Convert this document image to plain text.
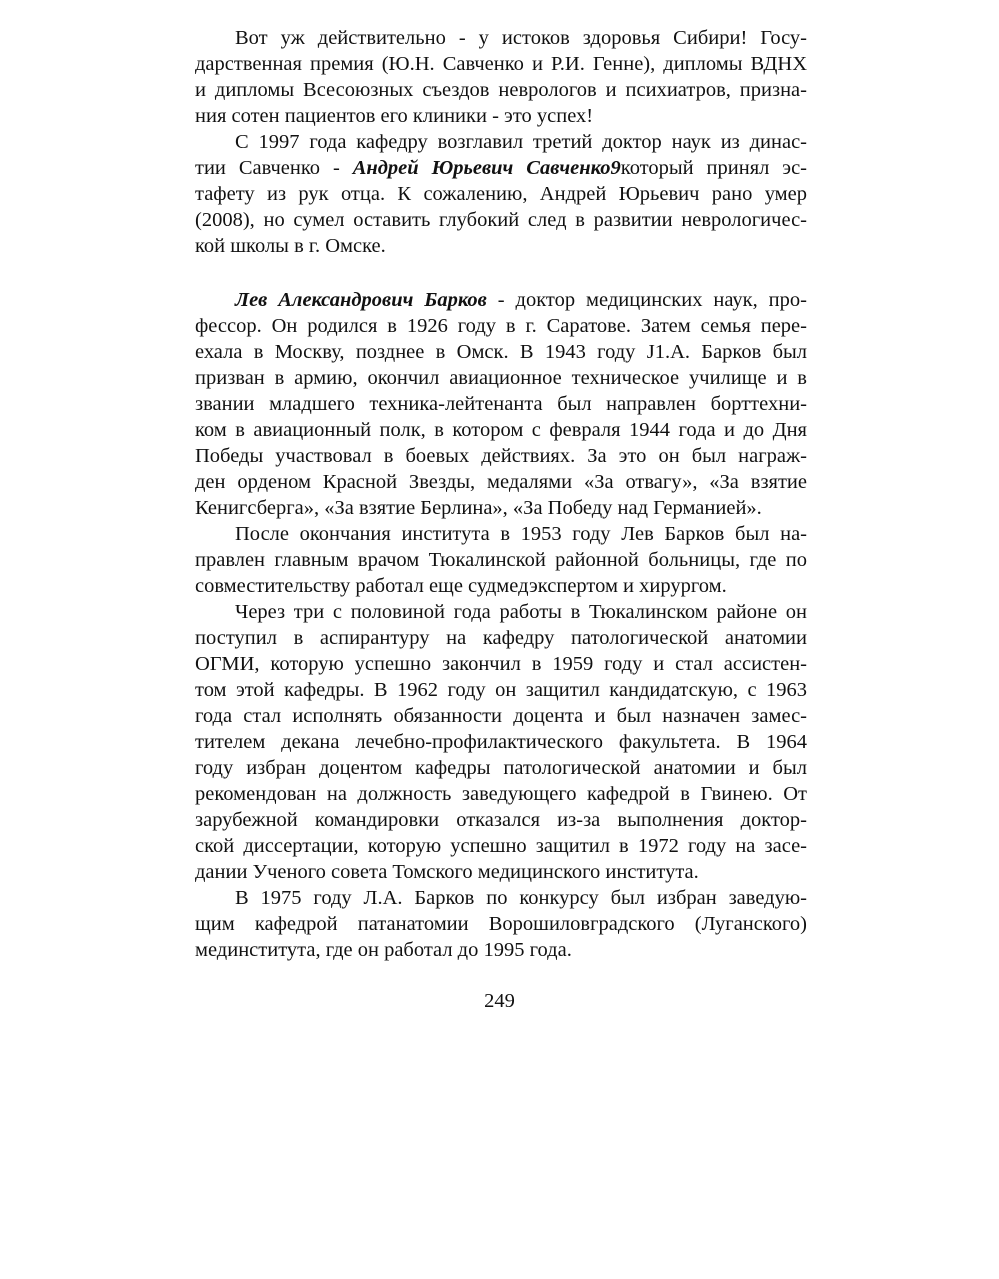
Вот уж действительно - у истоков здоровья Сибири! Госу-
дарственная премия (Ю.Н. Савченко и Р.И. Генне), дипломы ВДНХ
и дипломы Всесоюзных съездов неврологов и психиатров, призна-
ния сотен пациентов его клиники - это успех!
С 1997 года кафедру возглавил третий доктор наук из динас-
тии Савченко - Андрей Юрьевич Савченко9который принял эс-
тафету из рук отца. К сожалению, Андрей Юрьевич рано умер
(2008), но сумел оставить глубокий след в развитии неврологичес-
кой школы в г. Омске.
Лев Александрович Барков - доктор медицинских наук, про-
фессор. Он родился в 1926 году в г. Саратове. Затем семья пере-
ехала в Москву, позднее в Омск. В 1943 году J1.А. Барков был
призван в армию, окончил авиационное техническое училище и в
звании младшего техника-лейтенанта был направлен борттехни-
ком в авиационный полк, в котором с февраля 1944 года и до Дня
Победы участвовал в боевых действиях. За это он был награж-
ден орденом Красной Звезды, медалями «За отвагу», «За взятие
Кенигсберга», «За взятие Берлина», «За Победу над Германией».
После окончания института в 1953 году Лев Барков был на-
правлен главным врачом Тюкалинской районной больницы, где по
совместительству работал еще судмедэкспертом и хирургом.
Через три с половиной года работы в Тюкалинском районе он
поступил в аспирантуру на кафедру патологической анатомии
ОГМИ, которую успешно закончил в 1959 году и стал ассистен-
том этой кафедры. В 1962 году он защитил кандидатскую, с 1963
года стал исполнять обязанности доцента и был назначен замес-
тителем декана лечебно-профилактического факультета. В 1964
году избран доцентом кафедры патологической анатомии и был
рекомендован на должность заведующего кафедрой в Гвинею. От
зарубежной командировки отказался из-за выполнения доктор-
ской диссертации, которую успешно защитил в 1972 году на засе-
дании Ученого совета Томского медицинского института.
В 1975 году Л.А. Барков по конкурсу был избран заведую-
щим кафедрой патанатомии Ворошиловградского (Луганского)
мединститута, где он работал до 1995 года.
249
